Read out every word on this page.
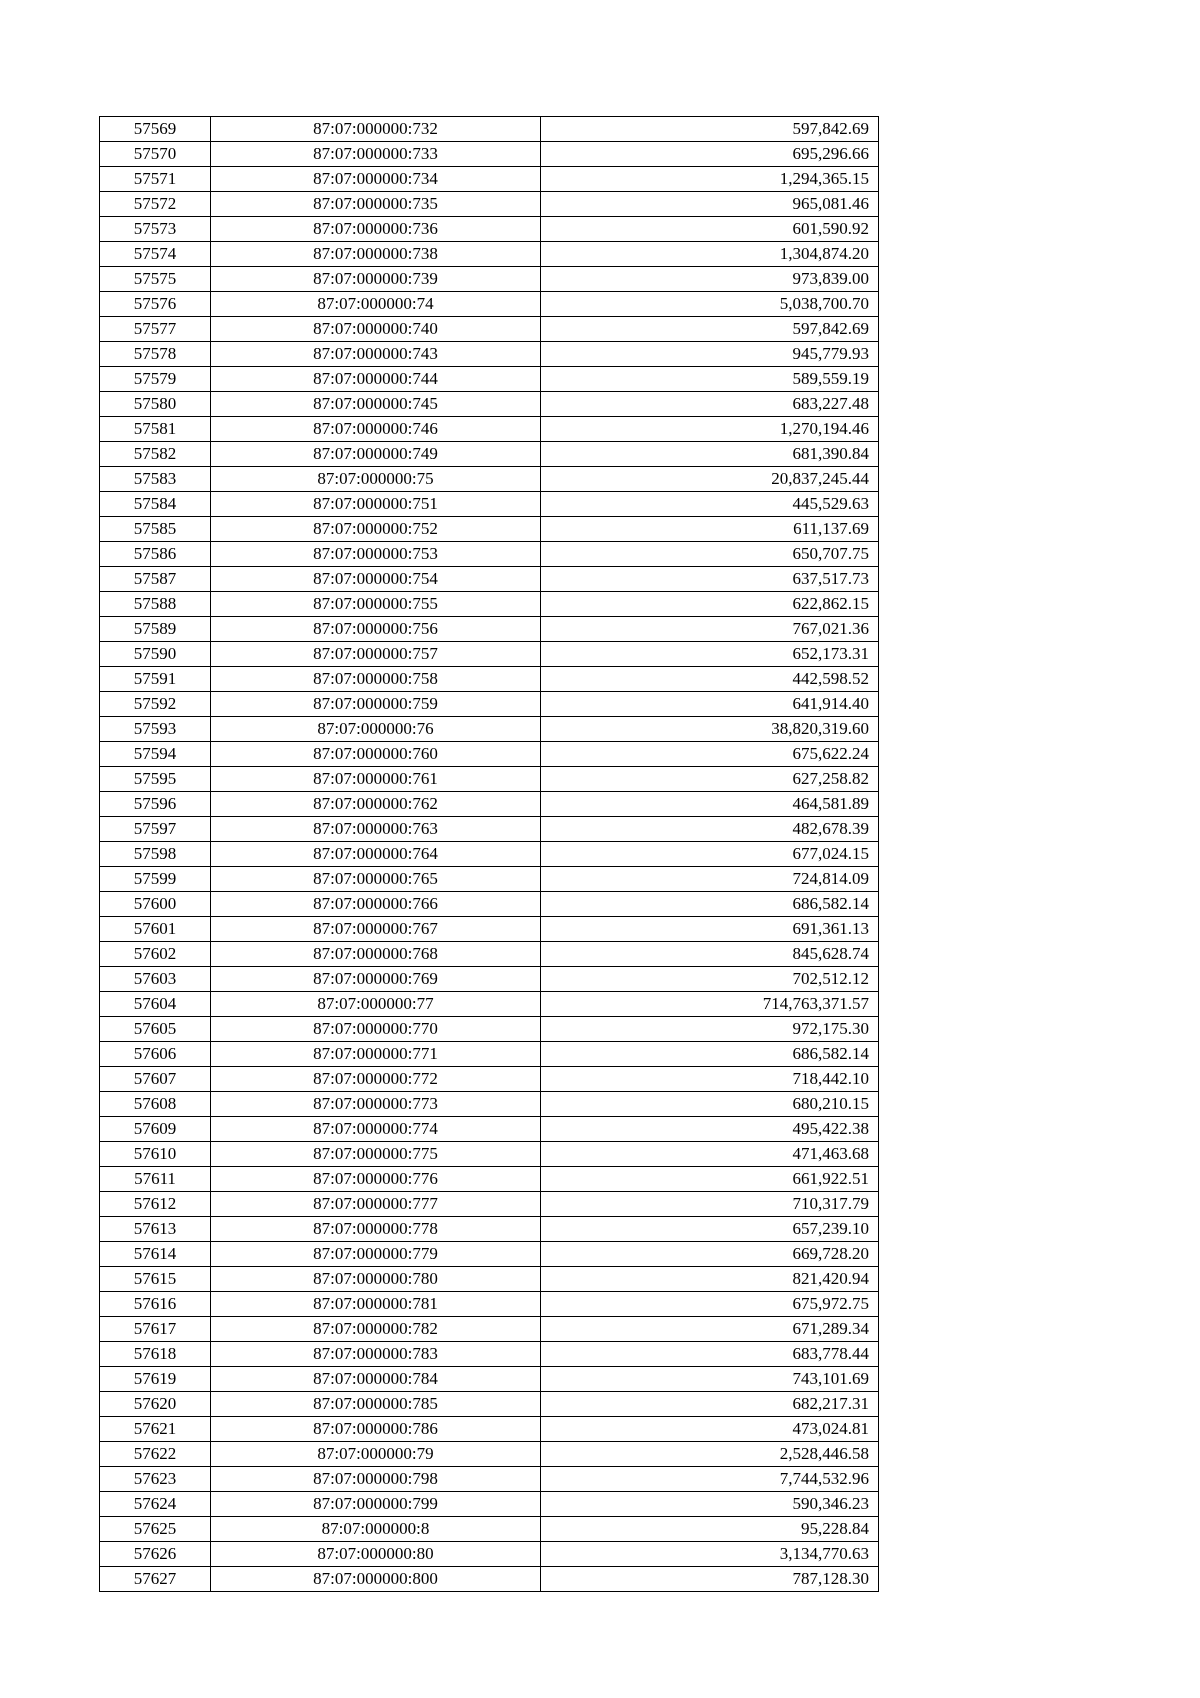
57569	87:07:000000:732	597,842.69
57570	87:07:000000:733	695,296.66
57571	87:07:000000:734	1,294,365.15
57572	87:07:000000:735	965,081.46
57573	87:07:000000:736	601,590.92
57574	87:07:000000:738	1,304,874.20
57575	87:07:000000:739	973,839.00
57576	87:07:000000:74	5,038,700.70
57577	87:07:000000:740	597,842.69
57578	87:07:000000:743	945,779.93
57579	87:07:000000:744	589,559.19
57580	87:07:000000:745	683,227.48
57581	87:07:000000:746	1,270,194.46
57582	87:07:000000:749	681,390.84
57583	87:07:000000:75	20,837,245.44
57584	87:07:000000:751	445,529.63
57585	87:07:000000:752	611,137.69
57586	87:07:000000:753	650,707.75
57587	87:07:000000:754	637,517.73
57588	87:07:000000:755	622,862.15
57589	87:07:000000:756	767,021.36
57590	87:07:000000:757	652,173.31
57591	87:07:000000:758	442,598.52
57592	87:07:000000:759	641,914.40
57593	87:07:000000:76	38,820,319.60
57594	87:07:000000:760	675,622.24
57595	87:07:000000:761	627,258.82
57596	87:07:000000:762	464,581.89
57597	87:07:000000:763	482,678.39
57598	87:07:000000:764	677,024.15
57599	87:07:000000:765	724,814.09
57600	87:07:000000:766	686,582.14
57601	87:07:000000:767	691,361.13
57602	87:07:000000:768	845,628.74
57603	87:07:000000:769	702,512.12
57604	87:07:000000:77	714,763,371.57
57605	87:07:000000:770	972,175.30
57606	87:07:000000:771	686,582.14
57607	87:07:000000:772	718,442.10
57608	87:07:000000:773	680,210.15
57609	87:07:000000:774	495,422.38
57610	87:07:000000:775	471,463.68
57611	87:07:000000:776	661,922.51
57612	87:07:000000:777	710,317.79
57613	87:07:000000:778	657,239.10
57614	87:07:000000:779	669,728.20
57615	87:07:000000:780	821,420.94
57616	87:07:000000:781	675,972.75
57617	87:07:000000:782	671,289.34
57618	87:07:000000:783	683,778.44
57619	87:07:000000:784	743,101.69
57620	87:07:000000:785	682,217.31
57621	87:07:000000:786	473,024.81
57622	87:07:000000:79	2,528,446.58
57623	87:07:000000:798	7,744,532.96
57624	87:07:000000:799	590,346.23
57625	87:07:000000:8	95,228.84
57626	87:07:000000:80	3,134,770.63
57627	87:07:000000:800	787,128.30
